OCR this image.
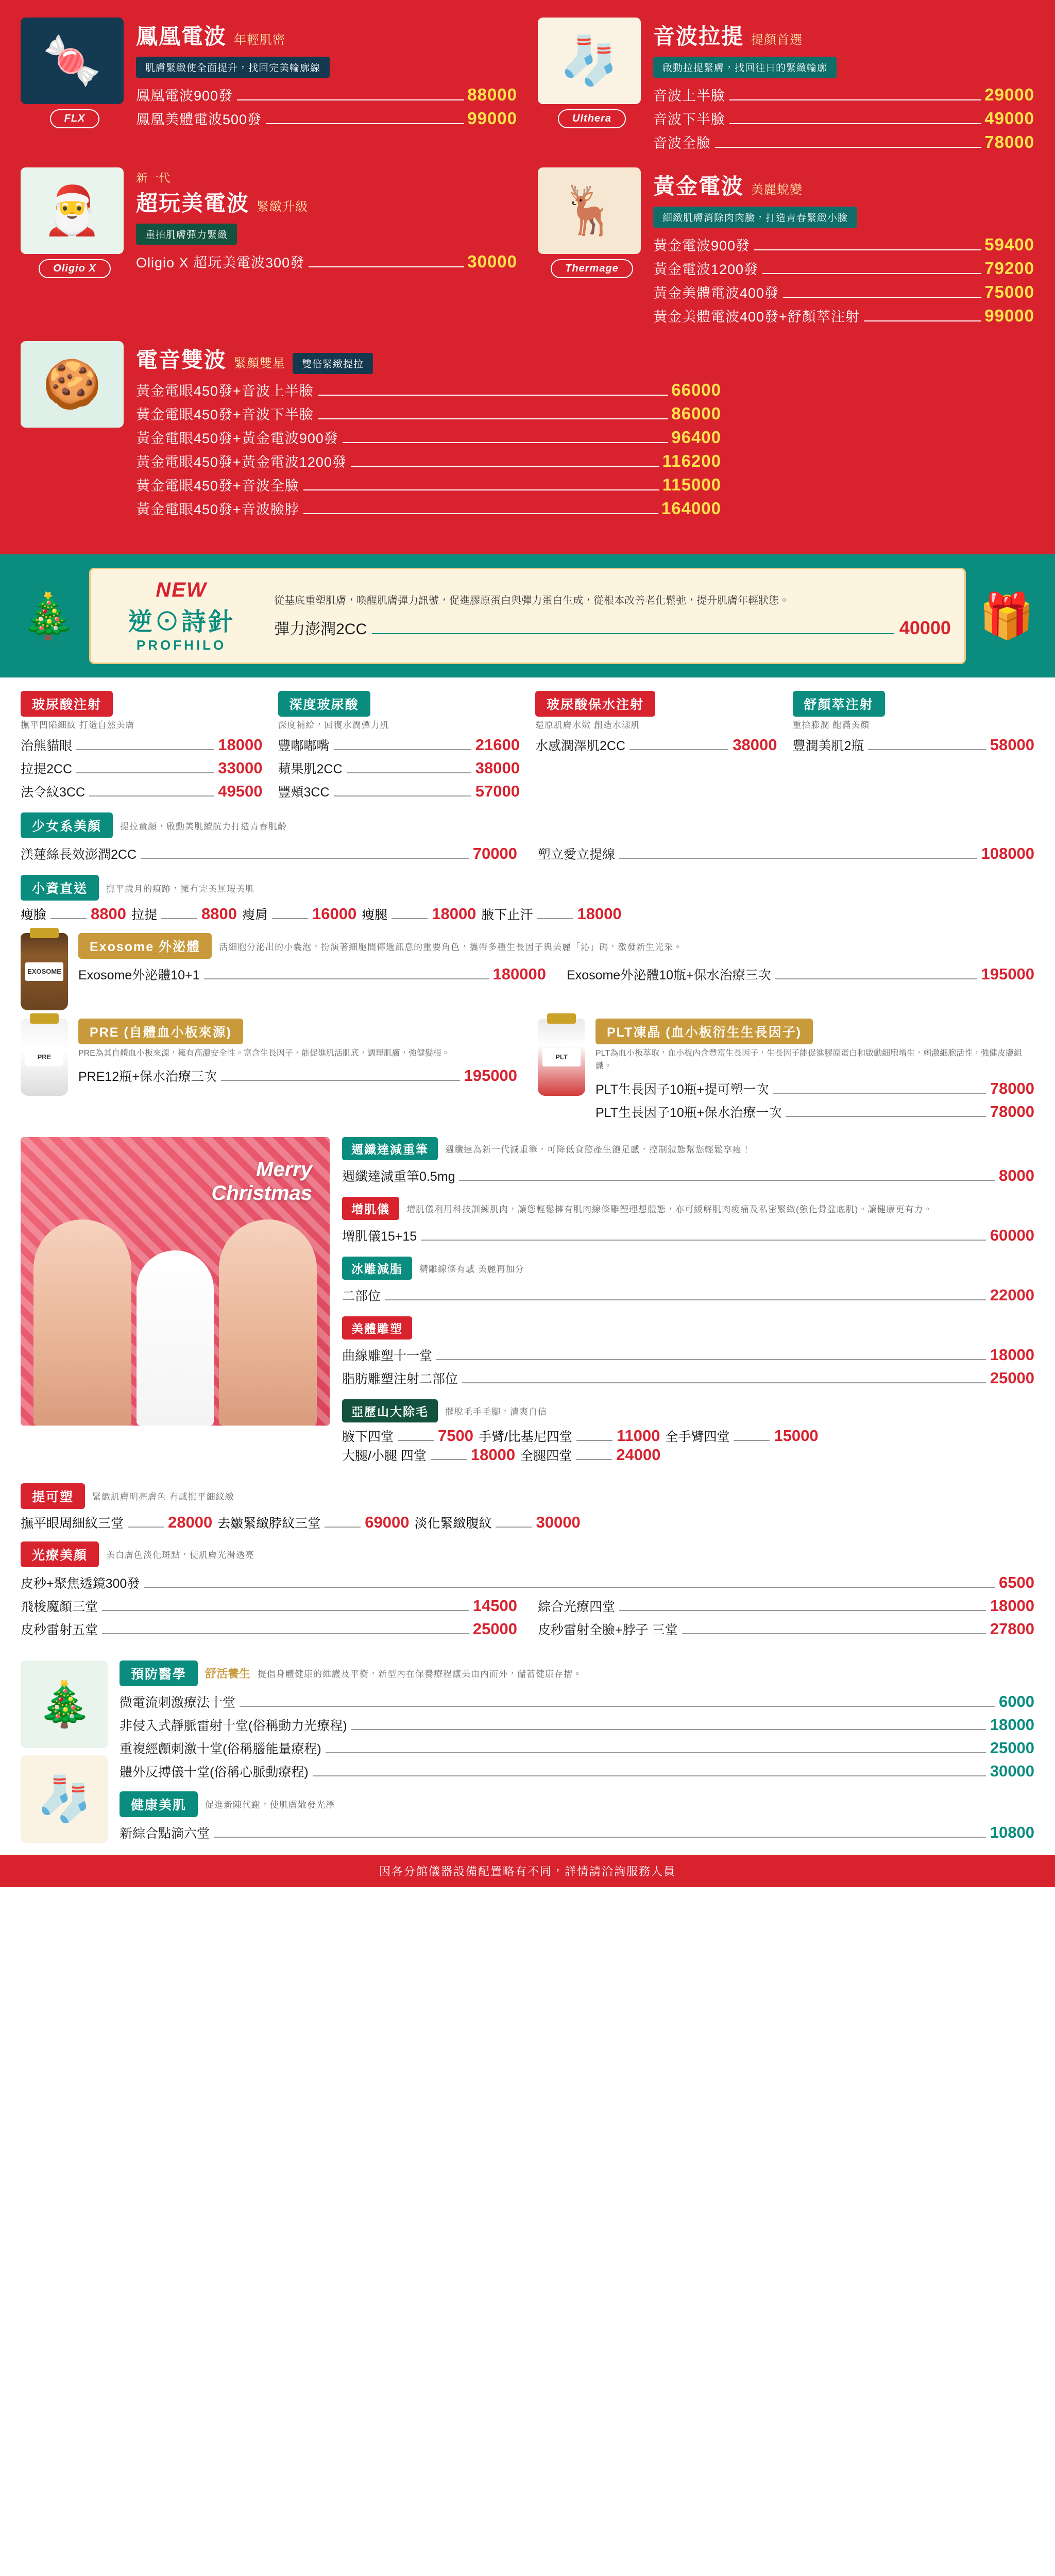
🍬
FLX
鳳凰電波 年輕肌密
肌膚緊緻使全面提升，找回完美輪廓線
鳳凰電波900發	88000
鳳凰美體電波500發	99000
🧦
Ulthera
音波拉提 提顏首選
啟動拉提緊膚，找回往日的緊緻輪廓
音波上半臉	29000
音波下半臉	49000
音波全臉	78000
🎅
Oligio X
新一代
超玩美電波 緊緻升級
重拍肌膚彈力緊緻
Oligio X 超玩美電波300發	30000
🦌
Thermage
黃金電波 美麗蛻變
細緻肌膚消除肉肉臉，打造青春緊緻小臉
黃金電波900發	59400
黃金電波1200發	79200
黃金美體電波400發	75000
黃金美體電波400發+舒顏萃注射	99000
🍪 電音雙波 緊顏雙星	雙倍緊緻提拉
黃金電眼450發+音波上半臉	66000
黃金電眼450發+音波下半臉	86000
黃金電眼450發+黃金電波900發	96400
黃金電眼450發+黃金電波1200發	116200
黃金電眼450發+音波全臉	115000
黃金電眼450發+音波臉脖	164000
🎄
NEW
逆⊙詩針
PROFHILO
從基底重塑肌膚，喚醒肌膚彈力訊號，促進膠原蛋白與彈力蛋白生成，從根本改善老化鬆弛，提升肌膚年輕狀態。
彈力澎潤2CC	40000 🎁
玻尿酸注射
撫平凹陷細紋 打造自然美膚
治熊貓眼	18000
拉提2CC	33000
法令紋3CC	49500
深度玻尿酸
深度補給，回復水潤彈力肌
豐嘟嘟嘴	21600
蘋果肌2CC	38000
豐頰3CC	57000
玻尿酸保水注射
還原肌膚水嫩 創造水漾肌
水感潤澤肌2CC	38000
舒顏萃注射
重拾膨潤 飽滿美顏
豐潤美肌2瓶	58000
少女系美顏	提拉童顏，啟動美肌續航力打造青春肌齡
渼蓮絲長效澎潤2CC	70000 塑立愛立提線	108000
小資直送	撫平歲月的痕跡，擁有完美無瑕美肌
瘦臉	8800 拉提	8800 瘦肩	16000 瘦腿	18000 腋下止汗	18000
EXOSOME
Exosome 外泌體	活細胞分泌出的小囊泡，扮演著細胞間傳遞訊息的重要角色，攜帶多種生長因子與美麗「沁」碼，激發新生光采。
Exosome外泌體10+1	180000 Exosome外泌體10瓶+保水治療三次	195000
PRE
PRE (自體血小板來源)
PRE為其自體血小板來源，擁有高濃安全性。富含生長因子，能促進肌活肌底，調理肌膚，強健髮根。
PRE12瓶+保水治療三次	195000
PLT
PLT凍晶 (血小板衍生生長因子)
PLT為血小板萃取，血小板內含豐富生長因子，生長因子能促進膠原蛋白和啟動細胞增生，刺激細胞活性，強健皮膚組織。
PLT生長因子10瓶+提可塑一次	78000
PLT生長因子10瓶+保水治療一次	78000
Merry
Christmas
週纖達減重筆	週纖達為新一代減重筆，可降低食慾產生飽足感，控制體態幫您輕鬆享瘦！
週纖達減重筆0.5mg	8000
增肌儀	增肌儀利用科技訓練肌肉，讓您輕鬆擁有肌肉線條雕塑理想體態，亦可緩解肌肉痠痛及私密緊緻(強化骨盆底肌)。讓健康更有力。
增肌儀15+15	60000
冰雕減脂	精雕線條有感 美麗再加分
二部位	22000
美體雕塑
曲線雕塑十一堂	18000
脂肪雕塑注射二部位	25000
亞歷山大除毛	擺脫毛手毛腳，清爽自信
腋下四堂	7500 手臂/比基尼四堂	11000 全手臂四堂	15000
大腿/小腿 四堂	18000 全腿四堂	24000
提可塑	緊緻肌膚明亮膚色 有感撫平細紋緻
撫平眼周細紋三堂	28000 去皺緊緻脖紋三堂	69000 淡化緊緻腹紋	30000
光療美顏	美白膚色淡化斑點，使肌膚光滑透亮
皮秒+聚焦透鏡300發	6500
飛梭魔顏三堂	14500 綜合光療四堂	18000
皮秒雷射五堂	25000 皮秒雷射全臉+脖子 三堂	27800
🎄
🧦
預防醫學	舒活養生 提倡身體健康的維護及平衡，新型內在保養療程讓美由內而外，儲蓄健康存摺。
微電流刺激療法十堂	6000
非侵入式靜脈雷射十堂(俗稱動力光療程)	18000
重複經顱刺激十堂(俗稱腦能量療程)	25000
體外反搏儀十堂(俗稱心脈動療程)	30000
健康美肌	促進新陳代謝，使肌膚散發光澤
新綜合點滴六堂	10800
因各分館儀器設備配置略有不同，詳情請洽詢服務人員
